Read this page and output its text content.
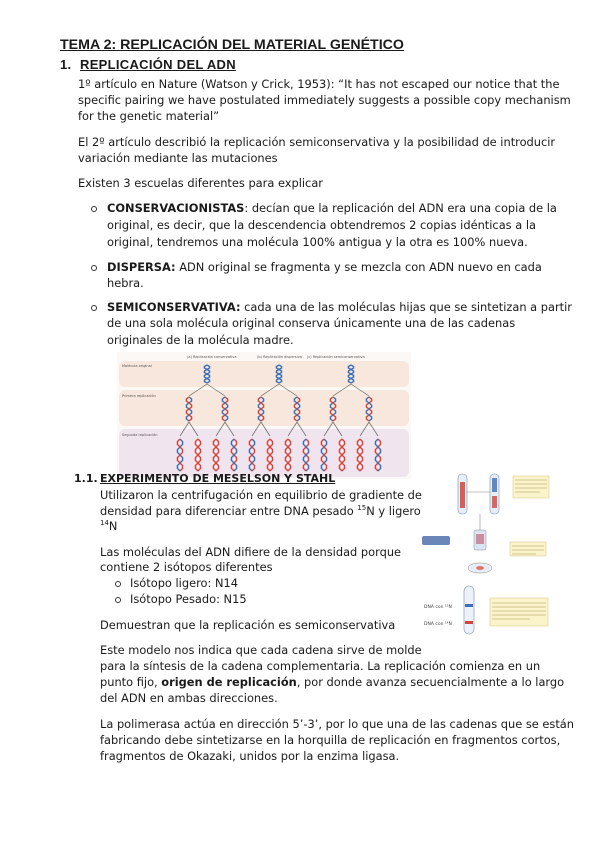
TEMA 2: REPLICACIÓN DEL MATERIAL GENÉTICO
1. REPLICACIÓN DEL ADN
1º artículo en Nature (Watson y Crick, 1953): “It has not escaped our notice that the
specific pairing we have postulated immediately suggests a possible copy mechanism
for the genetic material”
El 2º artículo describió la replicación semiconservativa y la posibilidad de introducir
variación mediante las mutaciones
Existen 3 escuelas diferentes para explicar
CONSERVACIONISTAS: decían que la replicación del ADN era una copia de la
original, es decir, que la descendencia obtendremos 2 copias idénticas a la
original, tendremos una molécula 100% antigua y la otra es 100% nueva.
DISPERSA: ADN original se fragmenta y se mezcla con ADN nuevo en cada
hebra.
SEMICONSERVATIVA: cada una de las moléculas hijas que se sintetizan a partir
de una sola molécula original conserva únicamente una de las cadenas
originales de la molécula madre.
(a) Replicación conservativa	(b) Replicación dispersiva (c) Replicación semiconservativa
Molécula original
Primera replicación
Segunda replicación
1.1. EXPERIMENTO DE MESELSON Y STAHL
Utilizaron la centrifugación en equilibrio de gradiente de
densidad para diferenciar entre DNA pesado $^{15}$N y ligero
$^{14}$N
Las moléculas del ADN difiere de la densidad porque
contiene 2 isótopos diferentes
Isótopo ligero: N14
Isótopo Pesado: N15
Demuestran que la replicación es semiconservativa
Este modelo nos indica que cada cadena sirve de molde
para la síntesis de la cadena complementaria. La replicación comienza en un
punto fijo, origen de replicación, por donde avanza secuencialmente a lo largo
del ADN en ambas direcciones.
La polimerasa actúa en dirección 5’-3’, por lo que una de las cadenas que se están
fabricando debe sintetizarse en la horquilla de replicación en fragmentos cortos,
fragmentos de Okazaki, unidos por la enzima ligasa.
DNA con ¹⁵N
DNA con ¹⁴N
